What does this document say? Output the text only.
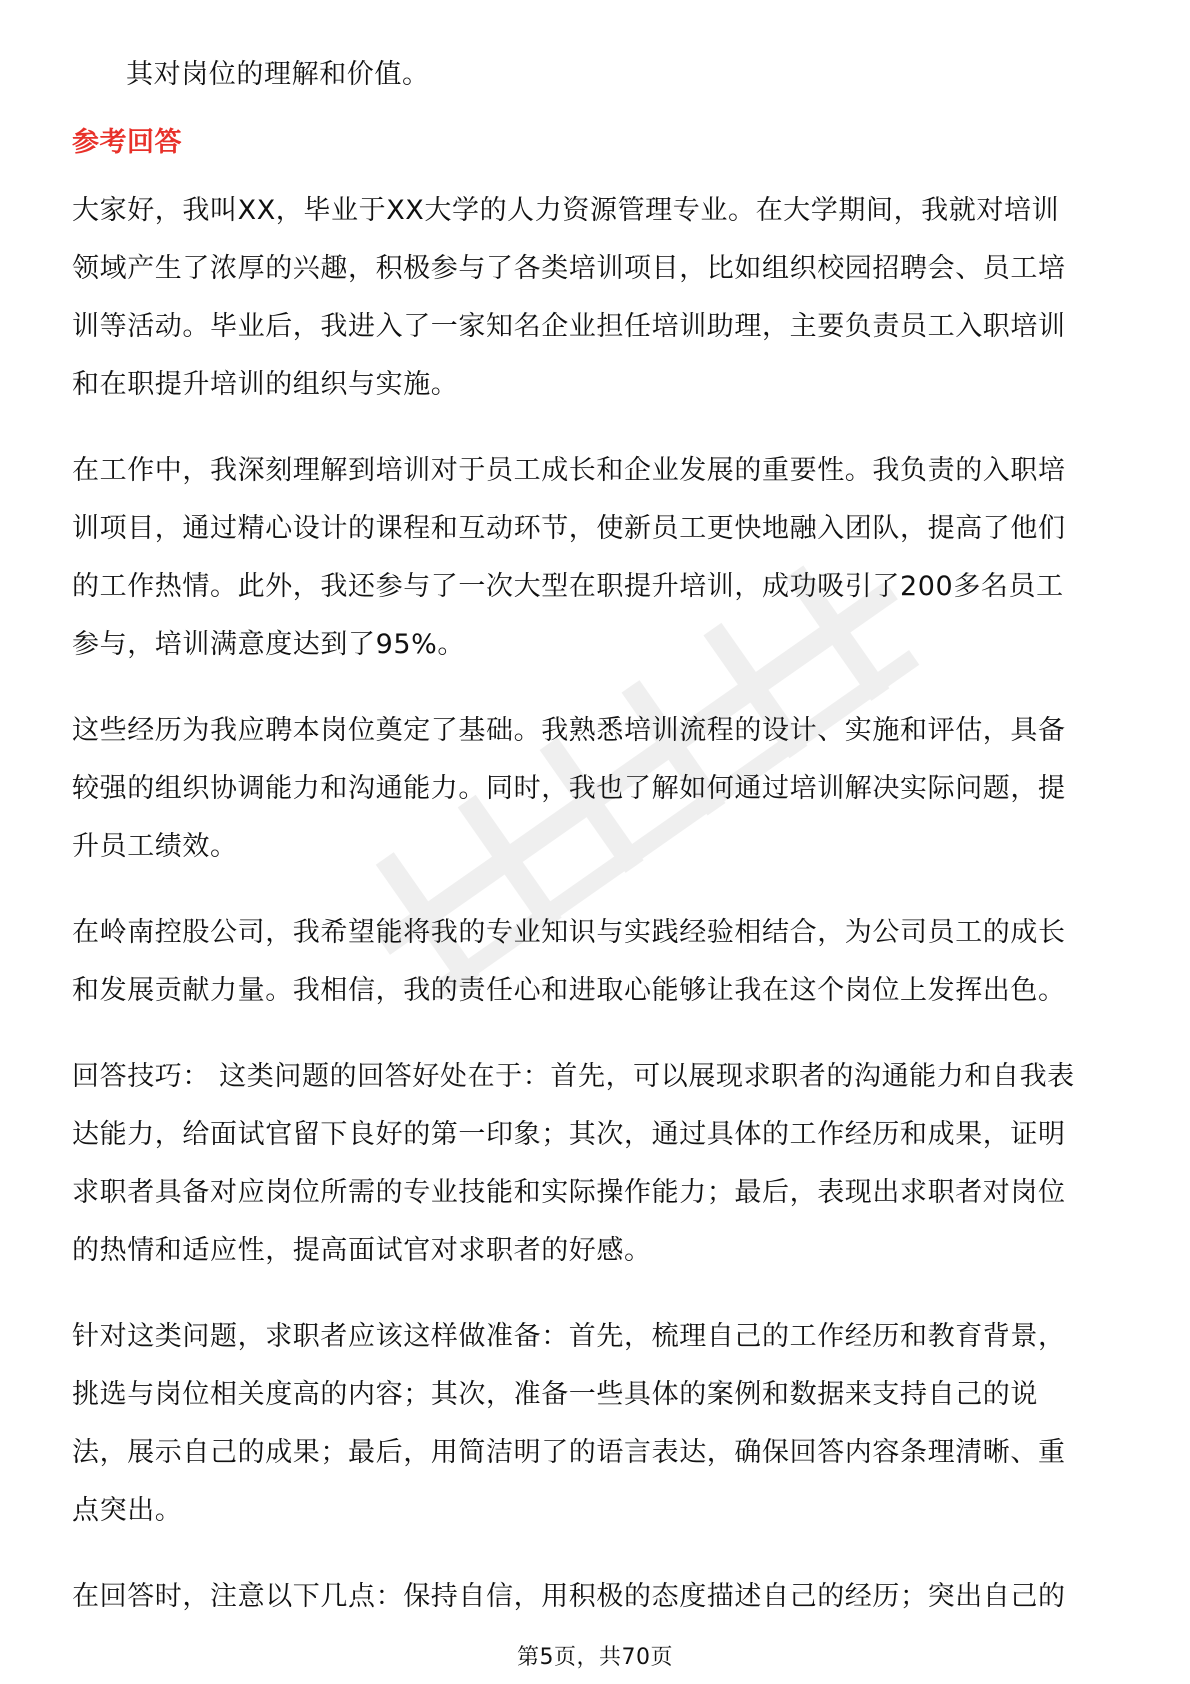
其对岗位的理解和价值。

参考回答

大家好，我叫XX，毕业于XX大学的人力资源管理专业。在大学期间，我就对培训

领域产生了浓厚的兴趣，积极参与了各类培训项目，比如组织校园招聘会、员工培

训等活动。毕业后，我进入了一家知名企业担任培训助理，主要负责员工入职培训

和在职提升培训的组织与实施。

在工作中，我深刻理解到培训对于员工成长和企业发展的重要性。我负责的入职培

训项目，通过精心设计的课程和互动环节，使新员工更快地融入团队，提高了他们

的工作热情。此外，我还参与了一次大型在职提升培训，成功吸引了200多名员工

参与，培训满意度达到了95%。

这些经历为我应聘本岗位奠定了基础。我熟悉培训流程的设计、实施和评估，具备

较强的组织协调能力和沟通能力。同时，我也了解如何通过培训解决实际问题，提

升员工绩效。

在岭南控股公司，我希望能将我的专业知识与实践经验相结合，为公司员工的成长

和发展贡献力量。我相信，我的责任心和进取心能够让我在这个岗位上发挥出色。

回答技巧： 这类问题的回答好处在于：首先，可以展现求职者的沟通能力和自我表

达能力，给面试官留下良好的第一印象；其次，通过具体的工作经历和成果，证明

求职者具备对应岗位所需的专业技能和实际操作能力；最后，表现出求职者对岗位

的热情和适应性，提高面试官对求职者的好感。

针对这类问题，求职者应该这样做准备：首先，梳理自己的工作经历和教育背景，

挑选与岗位相关度高的内容；其次，准备一些具体的案例和数据来支持自己的说

法，展示自己的成果；最后，用简洁明了的语言表达，确保回答内容条理清晰、重

点突出。

在回答时，注意以下几点：保持自信，用积极的态度描述自己的经历；突出自己的

第5页，共70页
